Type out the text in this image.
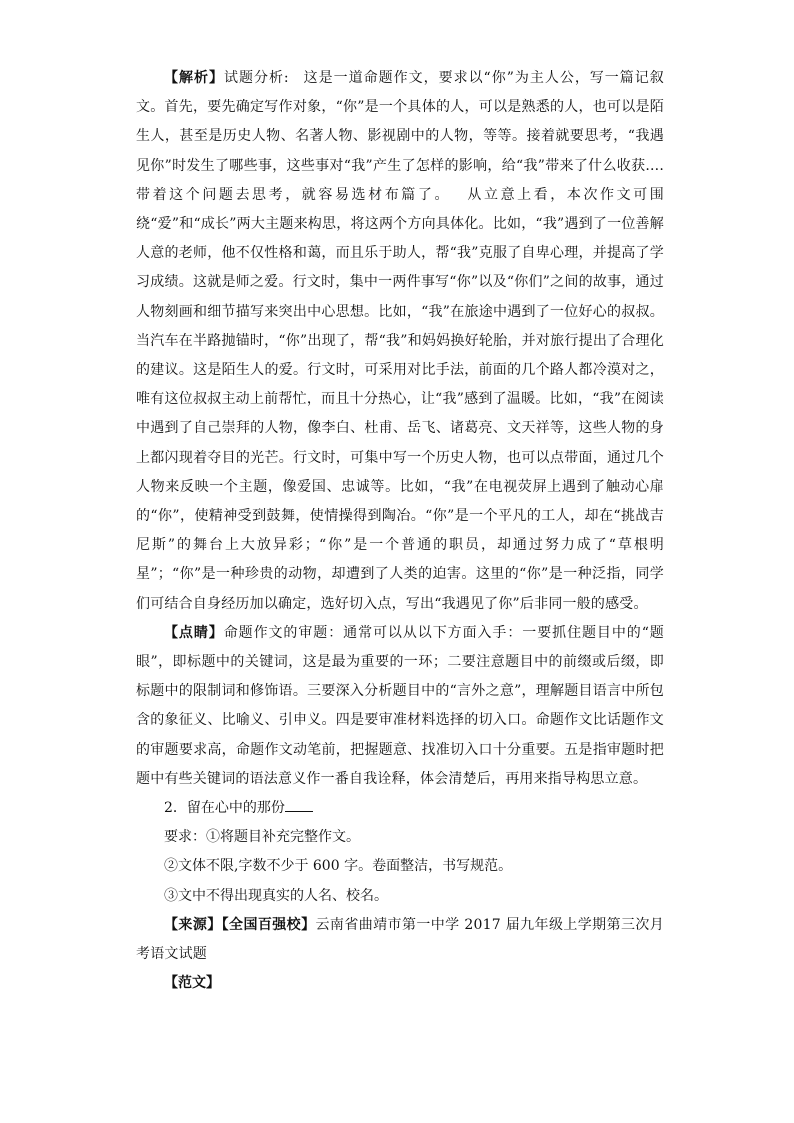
【解析】试题分析: 这是一道命题作文，要求以“你”为主人公，写一篇记叙文。首先，要先确定写作对象，“你”是一个具体的人，可以是熟悉的人，也可以是陌生人，甚至是历史人物、名著人物、影视剧中的人物，等等。接着就要思考，“我遇见你”时发生了哪些事，这些事对“我”产生了怎样的影响，给“我”带来了什么收获....带着这个问题去思考，就容易选材布篇了。 从立意上看，本次作文可围绕“爱”和“成长”两大主题来构思，将这两个方向具体化。比如，“我”遇到了一位善解人意的老师，他不仅性格和蔼，而且乐于助人，帮“我”克服了自卑心理，并提高了学习成绩。这就是师之爱。行文时，集中一两件事写“你”以及“你们”之间的故事，通过人物刻画和细节描写来突出中心思想。比如，“我”在旅途中遇到了一位好心的叔叔。当汽车在半路抛锚时，“你”出现了，帮“我”和妈妈换好轮胎，并对旅行提出了合理化的建议。这是陌生人的爱。行文时，可采用对比手法，前面的几个路人都冷漠对之，唯有这位叔叔主动上前帮忙，而且十分热心，让“我”感到了温暖。比如，“我”在阅读中遇到了自己崇拜的人物，像李白、杜甫、岳飞、诸葛亮、文天祥等，这些人物的身上都闪现着夺目的光芒。行文时，可集中写一个历史人物，也可以点带面，通过几个人物来反映一个主题，像爱国、忠诚等。比如，“我”在电视荧屏上遇到了触动心扉的“你”，使精神受到鼓舞，使情操得到陶冶。“你”是一个平凡的工人，却在“挑战吉尼斯”的舞台上大放异彩；“你”是一个普通的职员，却通过努力成了“草根明星”；“你”是一种珍贵的动物，却遭到了人类的迫害。这里的“你”是一种泛指，同学们可结合自身经历加以确定，选好切入点，写出“我遇见了你”后非同一般的感受。

【点睛】命题作文的审题：通常可以从以下方面入手：一要抓住题目中的“题眼”，即标题中的关键词，这是最为重要的一环；二要注意题目中的前缀或后缀，即标题中的限制词和修饰语。三要深入分析题目中的“言外之意”，理解题目语言中所包含的象征义、比喻义、引申义。四是要审准材料选择的切入口。命题作文比话题作文的审题要求高，命题作文动笔前，把握题意、找准切入口十分重要。五是指审题时把题中有些关键词的语法意义作一番自我诠释，体会清楚后，再用来指导构思立意。

2．留在心中的那份

要求：①将题目补充完整作文。

②文体不限,字数不少于 600 字。卷面整洁，书写规范。

③文中不得出现真实的人名、校名。

【来源】【全国百强校】云南省曲靖市第一中学 2017 届九年级上学期第三次月考语文试题

【范文】
